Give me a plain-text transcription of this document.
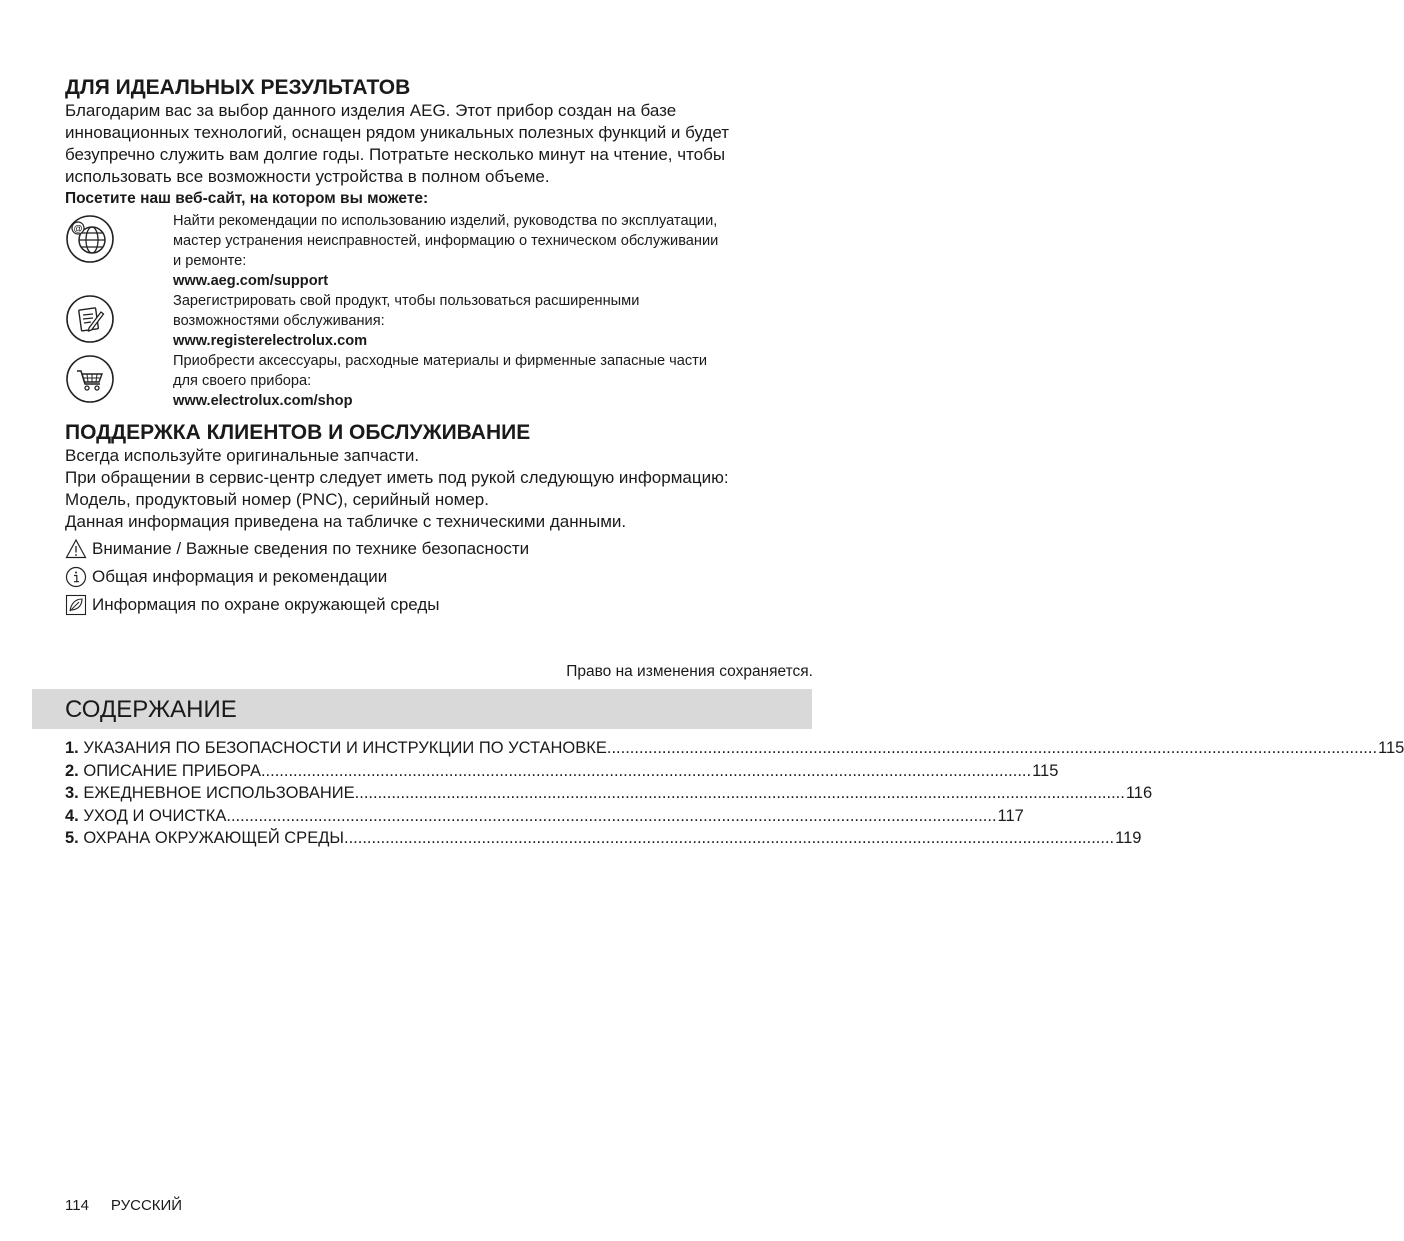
ДЛЯ ИДЕАЛЬНЫХ РЕЗУЛЬТАТОВ

Благодарим вас за выбор данного изделия AEG. Этот прибор создан на базе

инновационных технологий, оснащен рядом уникальных полезных функций и будет

безупречно служить вам долгие годы. Потратьте несколько минут на чтение, чтобы

использовать все возможности устройства в полном объеме.

Посетите наш веб-сайт, на котором вы можете:
@	Найти рекомендации по использованию изделий, руководства по эксплуатации,
мастер устранения неисправностей, информацию о техническом обслуживании
и ремонте:
www.aeg.com/support
Зарегистрировать свой продукт, чтобы пользоваться расширенными
возможностями обслуживания:
www.registerelectrolux.com
Приобрести аксессуары, расходные материалы и фирменные запасные части
для своего прибора:
www.electrolux.com/shop
ПОДДЕРЖКА КЛИЕНТОВ И ОБСЛУЖИВАНИЕ

Всегда используйте оригинальные запчасти.

При обращении в сервис-центр следует иметь под рукой следующую информацию:

Модель, продуктовый номер (PNC), серийный номер.

Данная информация приведена на табличке с техническими данными.

Внимание / Важные сведения по технике безопасности
Общая информация и рекомендации
Информация по охране окружающей среды
Право на изменения сохраняется.
СОДЕРЖАНИЕ
1. УКАЗАНИЯ ПО БЕЗОПАСНОСТИ И ИНСТРУКЦИИ ПО УСТАНОВКЕ ........................................................................................................................................................................ 115
2. ОПИСАНИЕ ПРИБОРА ........................................................................................................................................................................ 115
3. ЕЖЕДНЕВНОЕ ИСПОЛЬЗОВАНИЕ ........................................................................................................................................................................ 116
4. УХОД И ОЧИСТКА ........................................................................................................................................................................ 117
5. ОХРАНА ОКРУЖАЮЩЕЙ СРЕДЫ ........................................................................................................................................................................ 119
114 РУССКИЙ
